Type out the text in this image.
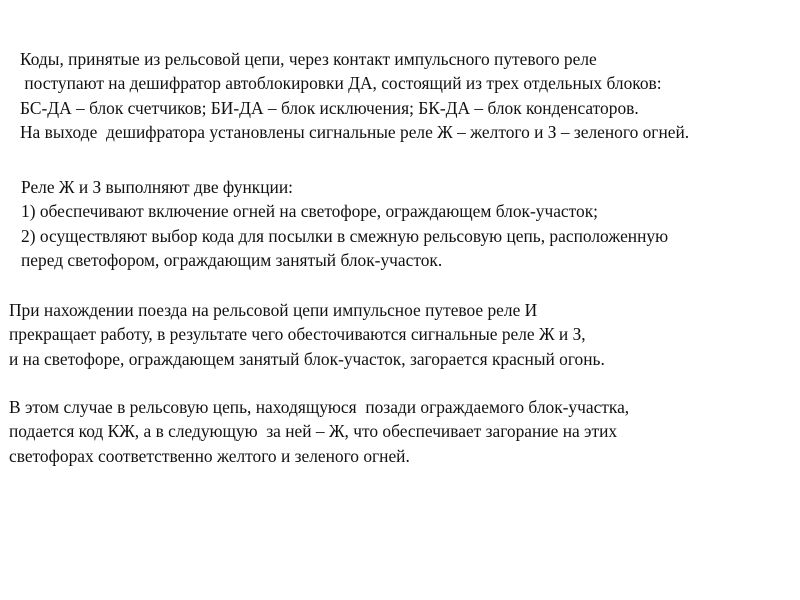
Коды, принятые из рельсовой цепи, через контакт импульсного путевого реле
поступают на дешифратор автоблокировки ДА, состоящий из трех отдельных блоков:
БС-ДА – блок счетчиков; БИ-ДА – блок исключения; БК-ДА – блок конденсаторов.
На выходе  дешифратора установлены сигнальные реле Ж – желтого и З – зеленого огней.

Реле Ж и З выполняют две функции:
1) обеспечивают включение огней на светофоре, ограждающем блок-участок;
2) осуществляют выбор кода для посылки в смежную рельсовую цепь, расположенную
перед светофором, ограждающим занятый блок-участок.

При нахождении поезда на рельсовой цепи импульсное путевое реле И
прекращает работу, в результате чего обесточиваются сигнальные реле Ж и З,
и на светофоре, ограждающем занятый блок-участок, загорается красный огонь.

В этом случае в рельсовую цепь, находящуюся  позади ограждаемого блок-участка,
подается код КЖ, а в следующую  за ней – Ж, что обеспечивает загорание на этих
светофорах соответственно желтого и зеленого огней.
